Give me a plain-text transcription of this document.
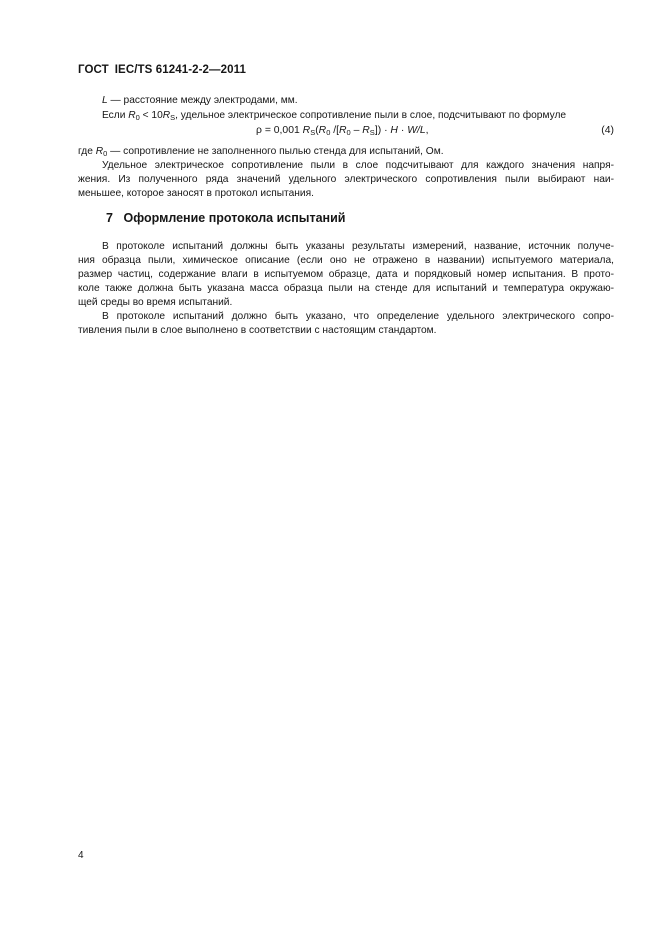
ГОСТ IEC/TS 61241-2-2—2011
L — расстояние между электродами, мм.
Если $R_0 < 10R_S$, удельное электрическое сопротивление пыли в слое, подсчитывают по формуле
ρ = 0,001 $R_S(R_0$ $/[R_0 - R_S]) \cdot H \cdot W/L$,	(4)
где $R_0$ — сопротивление не заполненного пылью стенда для испытаний, Ом.
Удельное электрическое сопротивление пыли в слое подсчитывают для каждого значения напря-
жения. Из полученного ряда значений удельного электрического сопротивления пыли выбирают наи-
меньшее, которое заносят в протокол испытания.
7 Оформление протокола испытаний
В протоколе испытаний должны быть указаны результаты измерений, название, источник получе-
ния образца пыли, химическое описание (если оно не отражено в названии) испытуемого материала,
размер частиц, содержание влаги в испытуемом образце, дата и порядковый номер испытания. В прото-
коле также должна быть указана масса образца пыли на стенде для испытаний и температура окружаю-
щей среды во время испытаний.
В протоколе испытаний должно быть указано, что определение удельного электрического сопро-
тивления пыли в слое выполнено в соответствии с настоящим стандартом.
4
